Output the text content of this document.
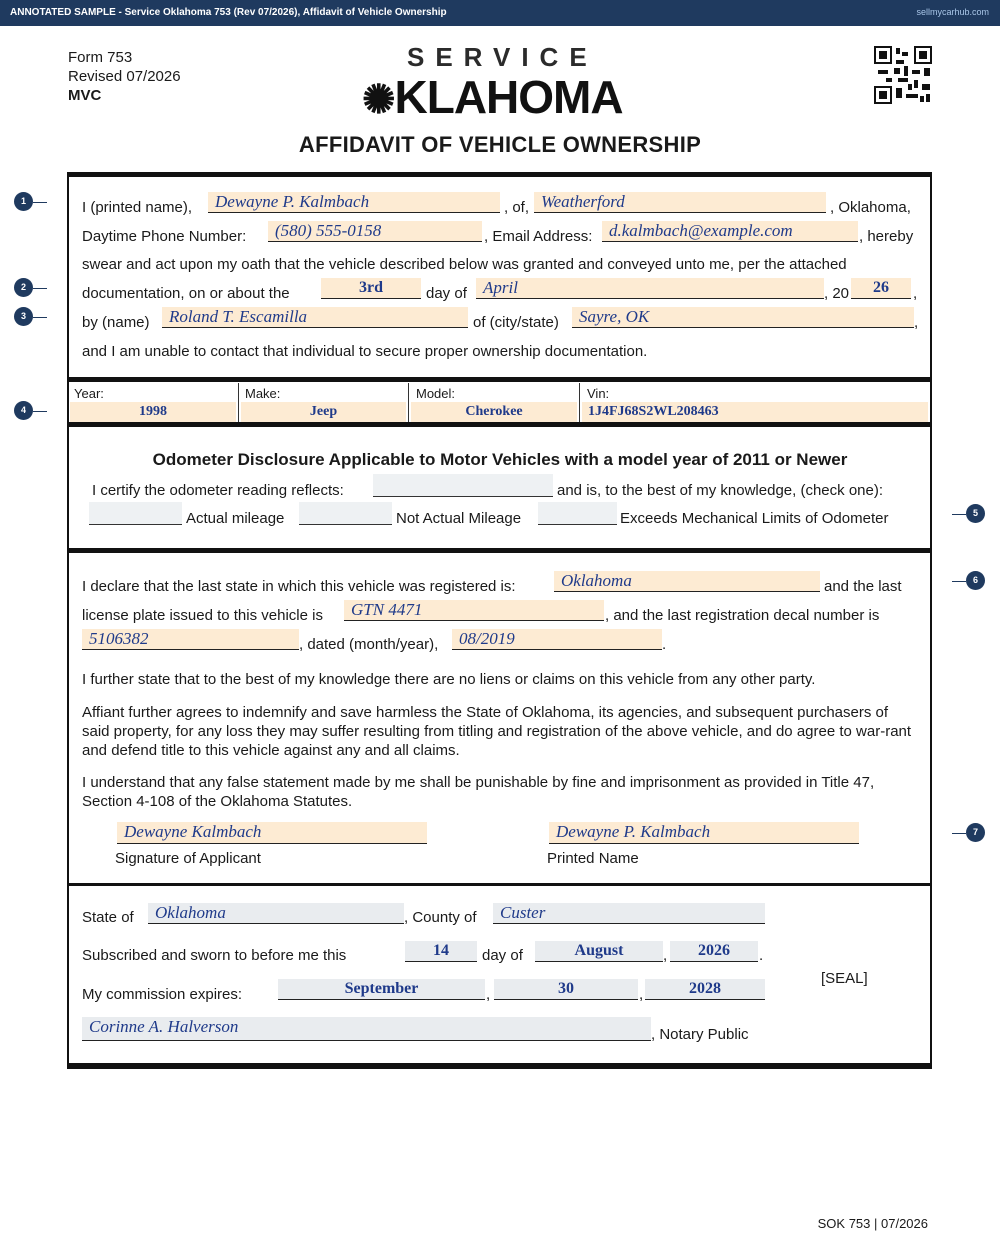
ANNOTATED SAMPLE - Service Oklahoma 753 (Rev 07/2026), Affidavit of Vehicle Ownership	sellmycarhub.com
Form 753
Revised 07/2026
MVC
SERVICE
✺KLAHOMA
AFFIDAVIT OF VEHICLE OWNERSHIP
I (printed name),	Dewayne P. Kalmbach	, of, Weatherford	, Oklahoma,
Daytime Phone Number:	(580) 555-0158	, Email Address: d.kalmbach@example.com	, hereby
swear and act upon my oath that the vehicle described below was granted and conveyed unto me, per the attached
documentation, on or about the	3rd	day of April	, 20	26	,
by (name)	Roland T. Escamilla	of (city/state)	Sayre, OK	,
and I am unable to contact that individual to secure proper ownership documentation.
Year:
1998
Make:
Jeep
Model:
Cherokee
Vin:
1J4FJ68S2WL208463
Odometer Disclosure Applicable to Motor Vehicles with a model year of 2011 or Newer
I certify the odometer reading reflects:	and is, to the best of my knowledge, (check one):
Actual mileage	Not Actual Mileage	Exceeds Mechanical Limits of Odometer
I declare that the last state in which this vehicle was registered is:	Oklahoma	and the last
license plate issued to this vehicle is	GTN 4471	, and the last registration decal number is
5106382	, dated (month/year),	08/2019	.
I further state that to the best of my knowledge there are no liens or claims on this vehicle from any other party.
Affiant further agrees to indemnify and save harmless the State of Oklahoma, its agencies, and subsequent purchasers of said property, for any loss they may suffer resulting from titling and registration of the above vehicle, and do agree to war-rant and defend title to this vehicle against any and all claims.
I understand that any false statement made by me shall be punishable by fine and imprisonment as provided in Title 47, Section 4-108 of the Oklahoma Statutes.
Dewayne Kalmbach
Signature of Applicant
Dewayne P. Kalmbach
Printed Name
State of	Oklahoma	, County of	Custer
Subscribed and sworn to before me this	14	day of	August	,	2026	.
[SEAL]
My commission expires:	September	,	30	,	2028
Corinne A. Halverson	, Notary Public
1
2
3
4
5
6
7
SOK 753 | 07/2026
